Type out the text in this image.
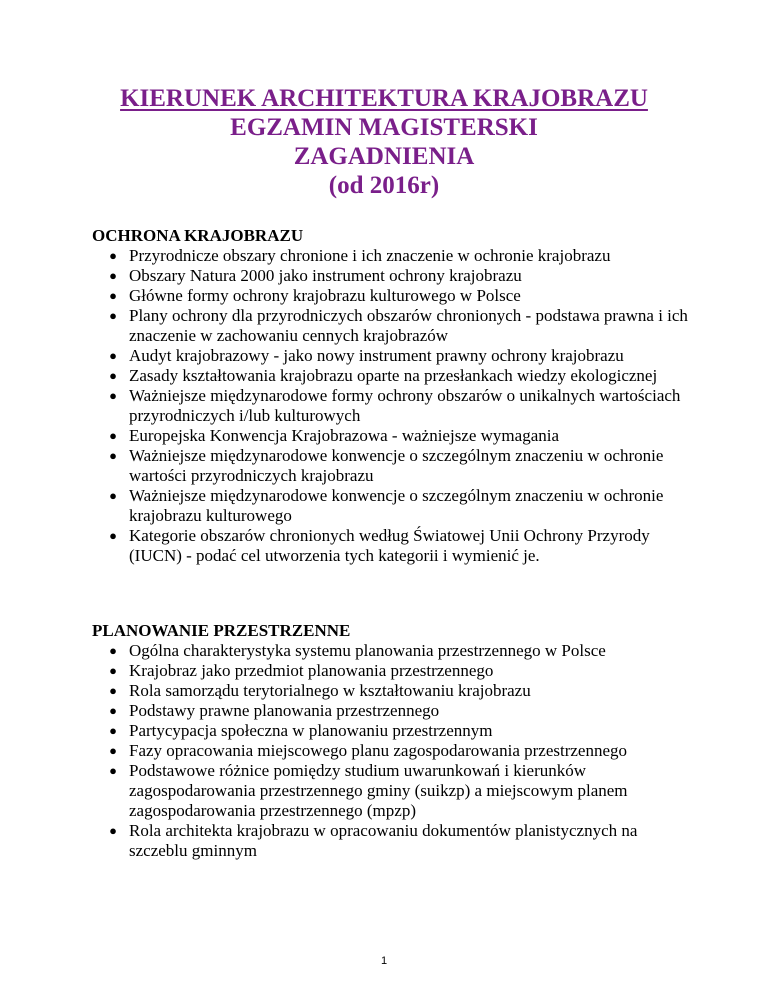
KIERUNEK ARCHITEKTURA KRAJOBRAZU
EGZAMIN MAGISTERSKI
ZAGADNIENIA
(od 2016r)

OCHRONA KRAJOBRAZU

● Przyrodnicze obszary chronione i ich znaczenie w ochronie krajobrazu
● Obszary Natura 2000 jako instrument ochrony krajobrazu
● Główne formy ochrony krajobrazu kulturowego w Polsce
● Plany ochrony dla przyrodniczych obszarów chronionych - podstawa prawna i ich znaczenie w zachowaniu cennych krajobrazów
● Audyt krajobrazowy - jako nowy instrument prawny ochrony krajobrazu
● Zasady kształtowania krajobrazu oparte na przesłankach wiedzy ekologicznej
● Ważniejsze międzynarodowe formy ochrony obszarów o unikalnych wartościach przyrodniczych i/lub kulturowych
● Europejska Konwencja Krajobrazowa - ważniejsze wymagania
● Ważniejsze międzynarodowe konwencje o szczególnym znaczeniu w ochronie wartości przyrodniczych krajobrazu
● Ważniejsze międzynarodowe konwencje o szczególnym znaczeniu w ochronie krajobrazu kulturowego
● Kategorie obszarów chronionych według Światowej Unii Ochrony Przyrody (IUCN) - podać cel utworzenia tych kategorii i wymienić je.

PLANOWANIE PRZESTRZENNE

● Ogólna charakterystyka systemu planowania przestrzennego w Polsce
● Krajobraz jako przedmiot planowania przestrzennego
● Rola samorządu terytorialnego w kształtowaniu krajobrazu
● Podstawy prawne planowania przestrzennego
● Partycypacja społeczna w planowaniu przestrzennym
● Fazy opracowania miejscowego planu zagospodarowania przestrzennego
● Podstawowe różnice pomiędzy studium uwarunkowań i kierunków zagospodarowania przestrzennego gminy (suikzp) a miejscowym planem zagospodarowania przestrzennego (mpzp)
● Rola architekta krajobrazu w opracowaniu dokumentów planistycznych na szczeblu gminnym
1
